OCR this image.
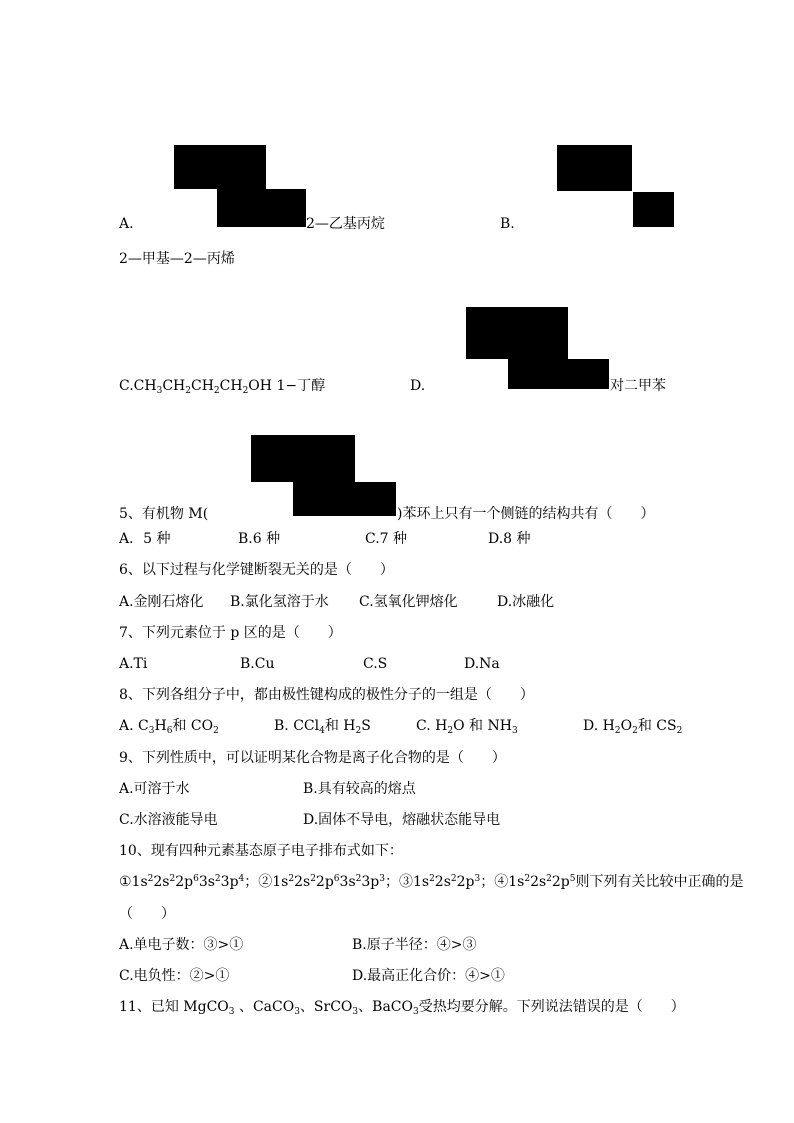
A.	2—乙基丙烷	B.
2—甲基—2—丙烯
$C.CH_3CH_2CH_2CH_2OH$ 1−丁醇	D.	对二甲苯
5、有机物 M(	)苯环上只有一个侧链的结构共有（　　）
A．5 种	B.6 种	C.7 种	D.8 种
6、以下过程与化学键断裂无关的是（　　）
A.金刚石熔化 B.氯化氢溶于水 C.氢氧化钾熔化	D.冰融化
7、下列元素位于 p 区的是（　　）
A.Ti	B.Cu	C.S	D.Na
8、下列各组分子中，都由极性键构成的极性分子的一组是（　　）
A. $C_3H_6$和 $CO_2$	B. CCl$_4$和 $H_2S$	C. $H_2O$ 和 $NH_3$	D. $H_2O_2$和 $CS_2$
9、下列性质中，可以证明某化合物是离子化合物的是（　　）
A.可溶于水	B.具有较高的熔点
C.水溶液能导电	D.固体不导电，熔融状态能导电
10、现有四种元素基态原子电子排布式如下：
$①1s^22s^22p^63s^23p^4$；$②1s^22s^22p^63s^23p^3$；$③1s^22s^22p^3$；$④1s^22s^22p^5$则下列有关比较中正确的是
（　　）
A.单电子数：③>①	B.原子半径：④>③
C.电负性：②>①	D.最高正化合价：④>①
11、已知 MgCO$_3$ 、CaCO$_3$、SrCO$_3$、BaCO$_3$受热均要分解。下列说法错误的是（　　）
